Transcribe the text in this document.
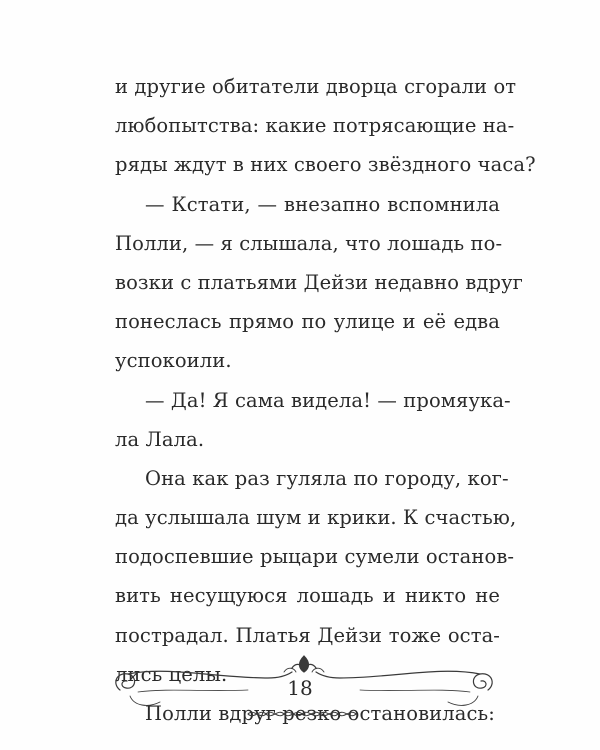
и другие обитатели дворца сгорали от
любопытства: какие потрясающие на-
ряды ждут в них своего звёздного часа?
— Кстати, — внезапно вспомнила
Полли, — я слышала, что лошадь по-
возки с платьями Дейзи недавно вдруг
понеслась прямо по улице и её едва
успокоили.
— Да! Я сама видела! — промяука-
ла Лала.
Она как раз гуляла по городу, ког-
да услышала шум и крики. К счастью,
подоспевшие рыцари сумели останов-
вить несущуюся лошадь и никто не
пострадал. Платья Дейзи тоже оста-
лись целы.
Полли вдруг резко остановилась:
18
